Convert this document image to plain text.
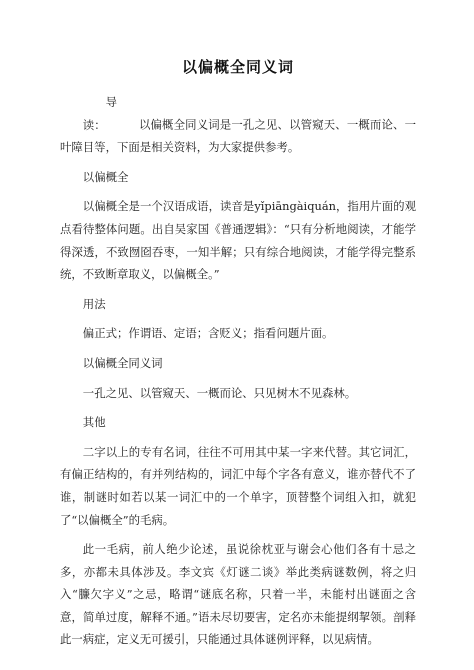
以偏概全同义词
导读：	以偏概全同义词是一孔之见、以管窥天、一概而论、一叶障目等，下面是相关资料，为大家提供参考。
以偏概全
以偏概全是一个汉语成语，读音是yǐpiāngàiquán，指用片面的观点看待整体问题。出自吴家国《普通逻辑》：“只有分析地阅读，才能学得深透，不致囫囵吞枣，一知半解；只有综合地阅读，才能学得完整系统，不致断章取义，以偏概全。”
用法
偏正式；作谓语、定语；含贬义；指看问题片面。
以偏概全同义词
一孔之见、以管窥天、一概而论、只见树木不见森林。
其他
二字以上的专有名词，往往不可用其中某一字来代替。其它词汇，有偏正结构的，有并列结构的，词汇中每个字各有意义，谁亦替代不了谁，制谜时如若以某一词汇中的一个单字，顶替整个词组入扣，就犯了“以偏概全”的毛病。
此一毛病，前人绝少论述，虽说徐枕亚与谢会心他们各有十忌之多，亦都未具体涉及。李文宾《灯谜二谈》举此类病谜数例，将之归入“臁欠字义”之忌，略谓“谜底名称，只着一半，未能村出谜面之含意，简单过度，解释不通。”语未尽切要害，定名亦未能提纲挈领。剖释此一病症，定义无可援引，只能通过具体谜例评释，以见病情。
